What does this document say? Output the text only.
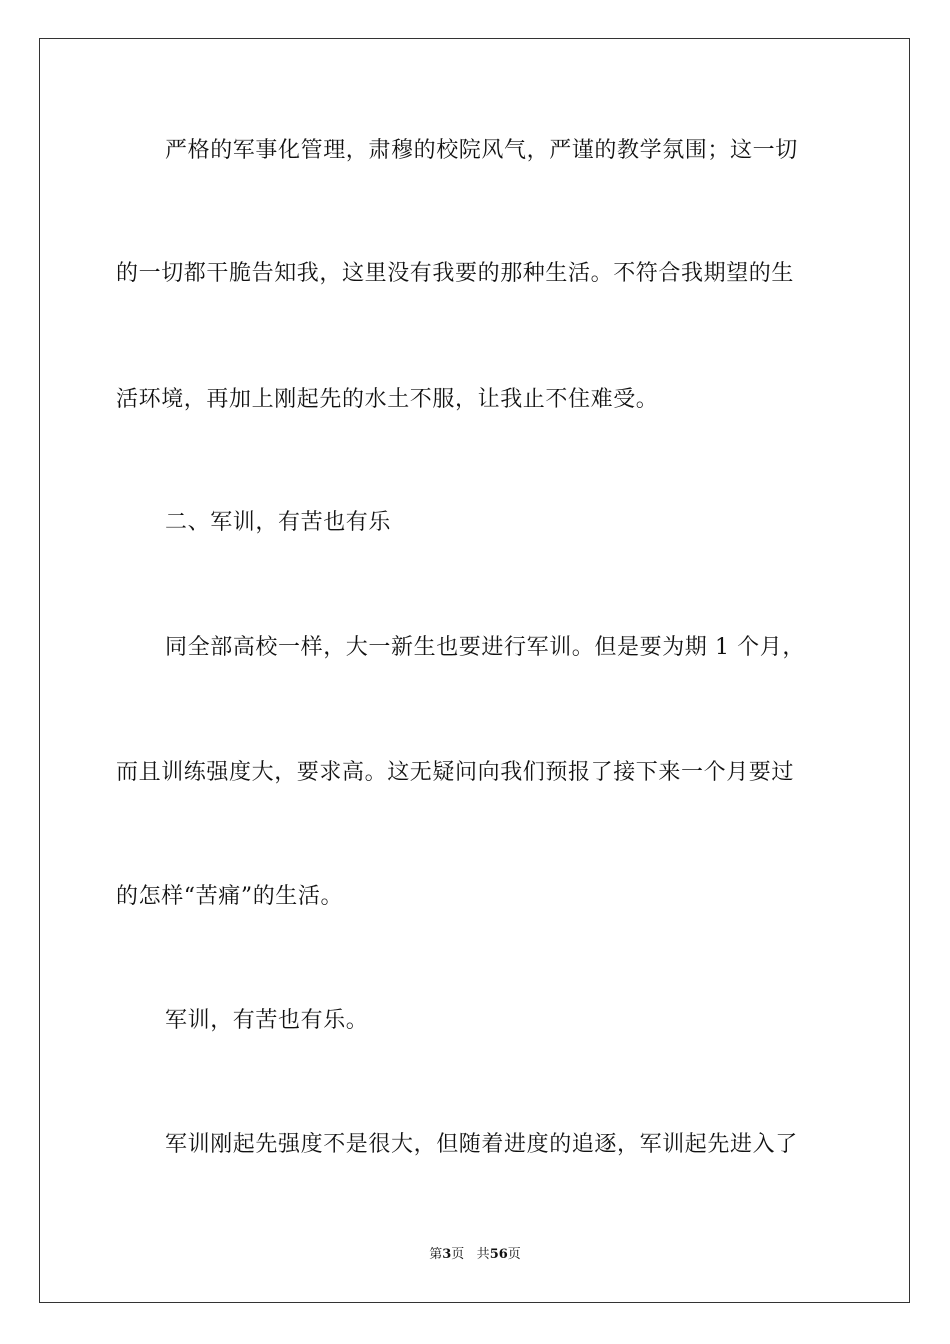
严格的军事化管理，肃穆的校院风气，严谨的教学氛围；这一切
的一切都干脆告知我，这里没有我要的那种生活。不符合我期望的生
活环境，再加上刚起先的水土不服，让我止不住难受。
二、军训，有苦也有乐
同全部高校一样，大一新生也要进行军训。但是要为期 1 个月，
而且训练强度大，要求高。这无疑问向我们预报了接下来一个月要过
的怎样“苦痛”的生活。
军训，有苦也有乐。
军训刚起先强度不是很大，但随着进度的追逐，军训起先进入了
第3页 共56页
